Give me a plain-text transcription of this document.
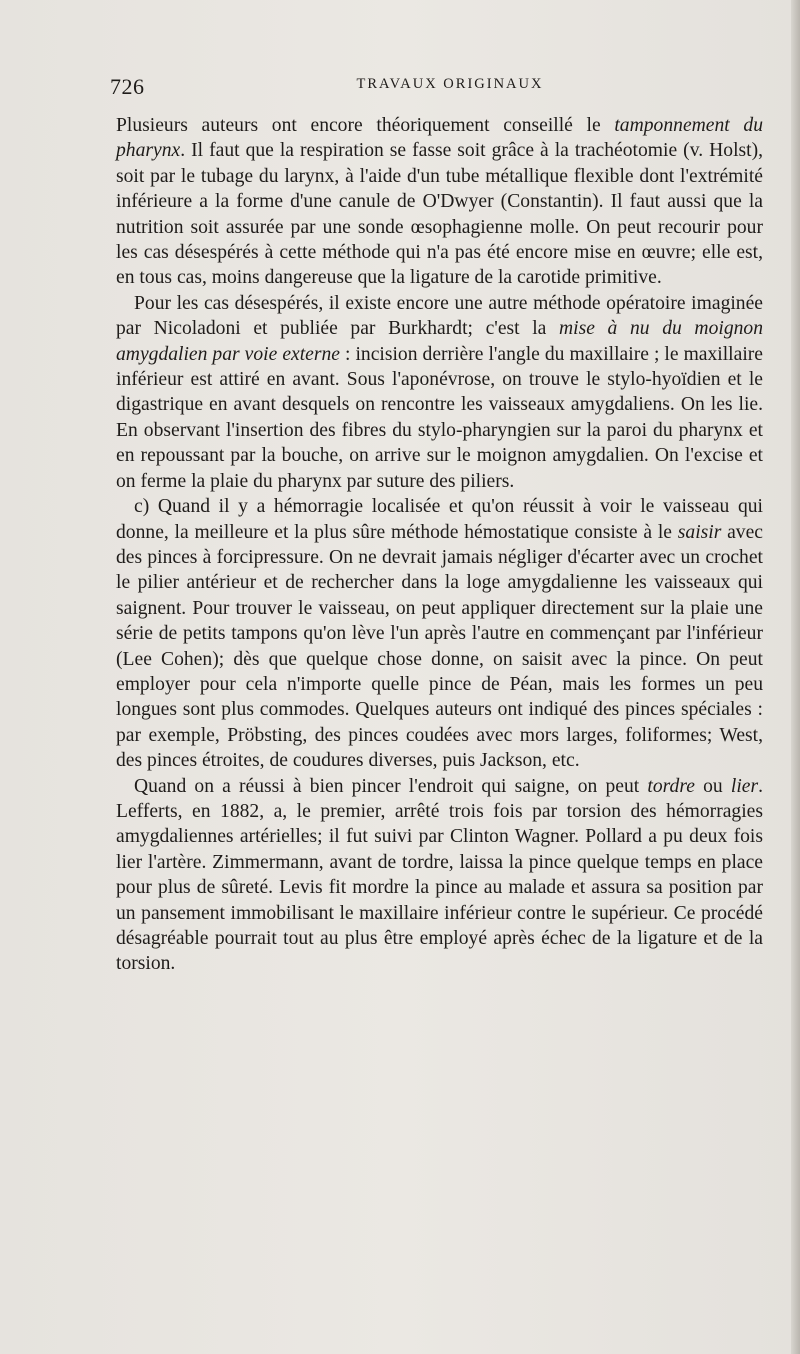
726	TRAVAUX ORIGINAUX

Plusieurs auteurs ont encore théoriquement conseillé le tamponnement du pharynx. Il faut que la respiration se fasse soit grâce à la trachéotomie (v. Holst), soit par le tubage du larynx, à l'aide d'un tube métallique flexible dont l'extrémité inférieure a la forme d'une canule de O'Dwyer (Constantin). Il faut aussi que la nutrition soit assurée par une sonde œsophagienne molle. On peut recourir pour les cas désespérés à cette méthode qui n'a pas été encore mise en œuvre; elle est, en tous cas, moins dangereuse que la ligature de la carotide primitive.

Pour les cas désespérés, il existe encore une autre méthode opératoire imaginée par Nicoladoni et publiée par Burkhardt; c'est la mise à nu du moignon amygdalien par voie externe : incision derrière l'angle du maxillaire ; le maxillaire inférieur est attiré en avant. Sous l'aponévrose, on trouve le stylo-hyoïdien et le digastrique en avant desquels on rencontre les vaisseaux amygdaliens. On les lie. En observant l'insertion des fibres du stylo-pharyngien sur la paroi du pharynx et en repoussant par la bouche, on arrive sur le moignon amygdalien. On l'excise et on ferme la plaie du pharynx par suture des piliers.

c) Quand il y a hémorragie localisée et qu'on réussit à voir le vaisseau qui donne, la meilleure et la plus sûre méthode hémostatique consiste à le saisir avec des pinces à forcipressure. On ne devrait jamais négliger d'écarter avec un crochet le pilier antérieur et de rechercher dans la loge amygdalienne les vaisseaux qui saignent. Pour trouver le vaisseau, on peut appliquer directement sur la plaie une série de petits tampons qu'on lève l'un après l'autre en commençant par l'inférieur (Lee Cohen); dès que quelque chose donne, on saisit avec la pince. On peut employer pour cela n'importe quelle pince de Péan, mais les formes un peu longues sont plus commodes. Quelques auteurs ont indiqué des pinces spéciales : par exemple, Pröbsting, des pinces coudées avec mors larges, foliformes; West, des pinces étroites, de coudures diverses, puis Jackson, etc.

Quand on a réussi à bien pincer l'endroit qui saigne, on peut tordre ou lier. Lefferts, en 1882, a, le premier, arrêté trois fois par torsion des hémorragies amygdaliennes artérielles; il fut suivi par Clinton Wagner. Pollard a pu deux fois lier l'artère. Zimmermann, avant de tordre, laissa la pince quelque temps en place pour plus de sûreté. Levis fit mordre la pince au malade et assura sa position par un pansement immobilisant le maxillaire inférieur contre le supérieur. Ce procédé désagréable pourrait tout au plus être employé après échec de la ligature et de la torsion.
